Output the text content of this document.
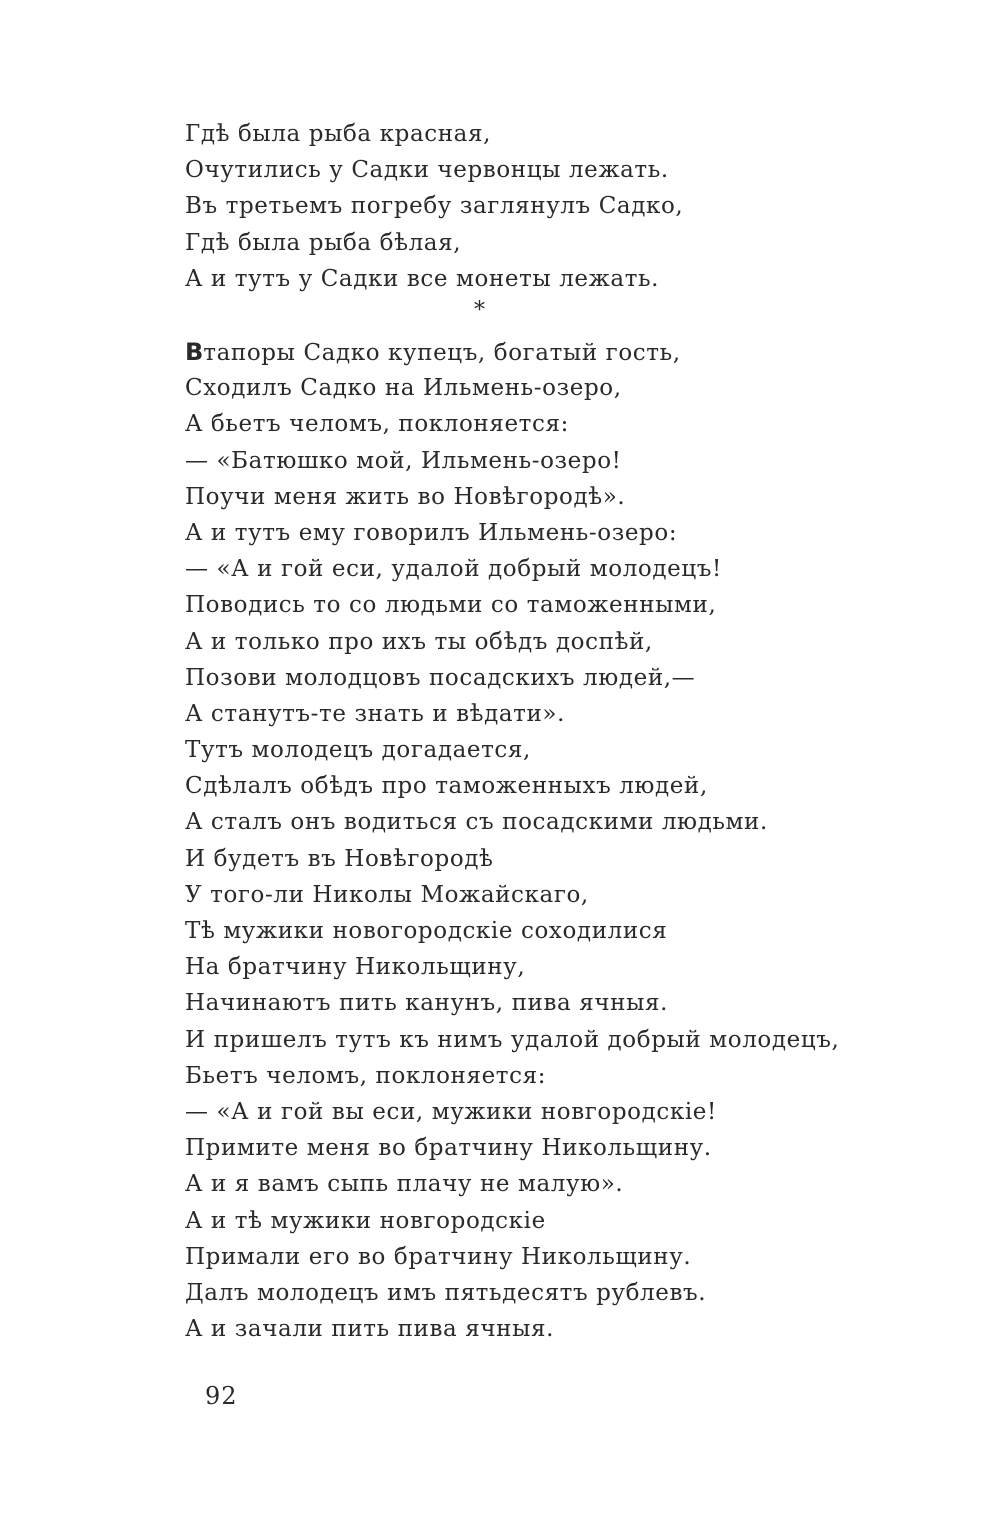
Гдѣ была рыба красная,
Очутились у Садки червонцы лежать.
Въ третьемъ погребу заглянулъ Садко,
Гдѣ была рыба бѣлая,
А и тутъ у Садки все монеты лежать.
*
Втапоры Садко купецъ, богатый гость,
Сходилъ Садко на Ильмень-озеро,
А бьетъ челомъ, поклоняется:
— «Батюшко мой, Ильмень-озеро!
Поучи меня жить во Новѣгородѣ».
А и тутъ ему говорилъ Ильмень-озеро:
— «А и гой еси, удалой добрый молодецъ!
Поводись то со людьми со таможенными,
А и только про ихъ ты обѣдъ доспѣй,
Позови молодцовъ посадскихъ людей,—
А станутъ-те знать и вѣдати».
Тутъ молодецъ догадается,
Сдѣлалъ обѣдъ про таможенныхъ людей,
А сталъ онъ водиться съ посадскими людьми.
И будетъ въ Новѣгородѣ
У того-ли Николы Можайскаго,
Тѣ мужики новогородскіе соходилися
На братчину Никольщину,
Начинаютъ пить канунъ, пива ячныя.
И пришелъ тутъ къ нимъ удалой добрый молодецъ,
Бьетъ челомъ, поклоняется:
— «А и гой вы еси, мужики новгородскіе!
Примите меня во братчину Никольщину.
А и я вамъ сыпь плачу не малую».
А и тѣ мужики новгородскіе
Примали его во братчину Никольщину.
Далъ молодецъ имъ пятьдесятъ рублевъ.
А и зачали пить пива ячныя.
92
